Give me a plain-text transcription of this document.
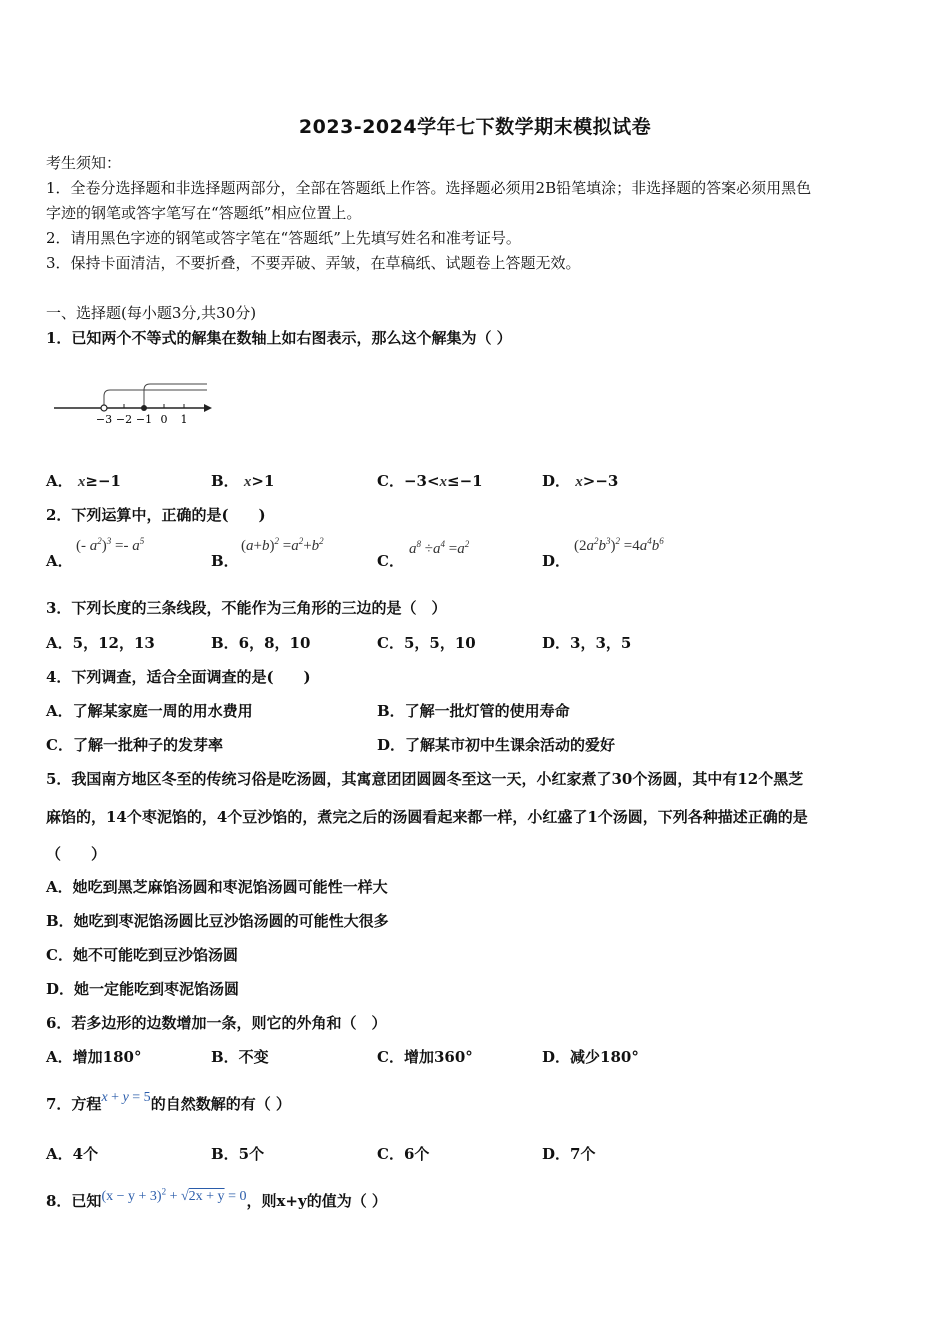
2023-2024学年七下数学期末模拟试卷
考生须知：
1．全卷分选择题和非选择题两部分，全部在答题纸上作答。选择题必须用2B铅笔填涂；非选择题的答案必须用黑色
字迹的钢笔或答字笔写在“答题纸”相应位置上。
2．请用黑色字迹的钢笔或答字笔在“答题纸”上先填写姓名和准考证号。
3．保持卡面清洁，不要折叠，不要弄破、弄皱，在草稿纸、试题卷上答题无效。
一、选择题(每小题3分,共30分)
1．已知两个不等式的解集在数轴上如右图表示，那么这个解集为（ ）
−3 −2 −1 0 1
A． x≥−1	B． x>1	C．−3<x≤−1	D． x>−3
2．下列运算中，正确的是(　　)
A．
(- $a^2)^3 =- a^5$
B．
$(a+b)^2 =a^2+b^2$
C．
$a^8 \div a^4 =a^2$
D．
$(2a^2b^3)^2 =4a^4b^6$
3．下列长度的三条线段，不能作为三角形的三边的是（　）
A．5，12，13	B．6，8，10	C．5，5，10	D．3，3，5
4．下列调查，适合全面调查的是(　　)
A．了解某家庭一周的用水费用	B．了解一批灯管的使用寿命
C．了解一批种子的发芽率	D．了解某市初中生课余活动的爱好
5．我国南方地区冬至的传统习俗是吃汤圆，其寓意团团圆圆冬至这一天，小红家煮了30个汤圆，其中有12个黑芝
麻馅的，14个枣泥馅的，4个豆沙馅的，煮完之后的汤圆看起来都一样，小红盛了1个汤圆，下列各种描述正确的是
（　　）
A．她吃到黑芝麻馅汤圆和枣泥馅汤圆可能性一样大
B．她吃到枣泥馅汤圆比豆沙馅汤圆的可能性大很多
C．她不可能吃到豆沙馅汤圆
D．她一定能吃到枣泥馅汤圆
6．若多边形的边数增加一条，则它的外角和（　）
A．增加180°	B．不变	C．增加360°	D．减少180°
7．方程x + y = 5的自然数解的有（ ）
A．4个	B．5个	C．6个	D．7个
8．已知$(x - y + 3)^2 + √2x + y = 0$，则x+y的值为（ ）
